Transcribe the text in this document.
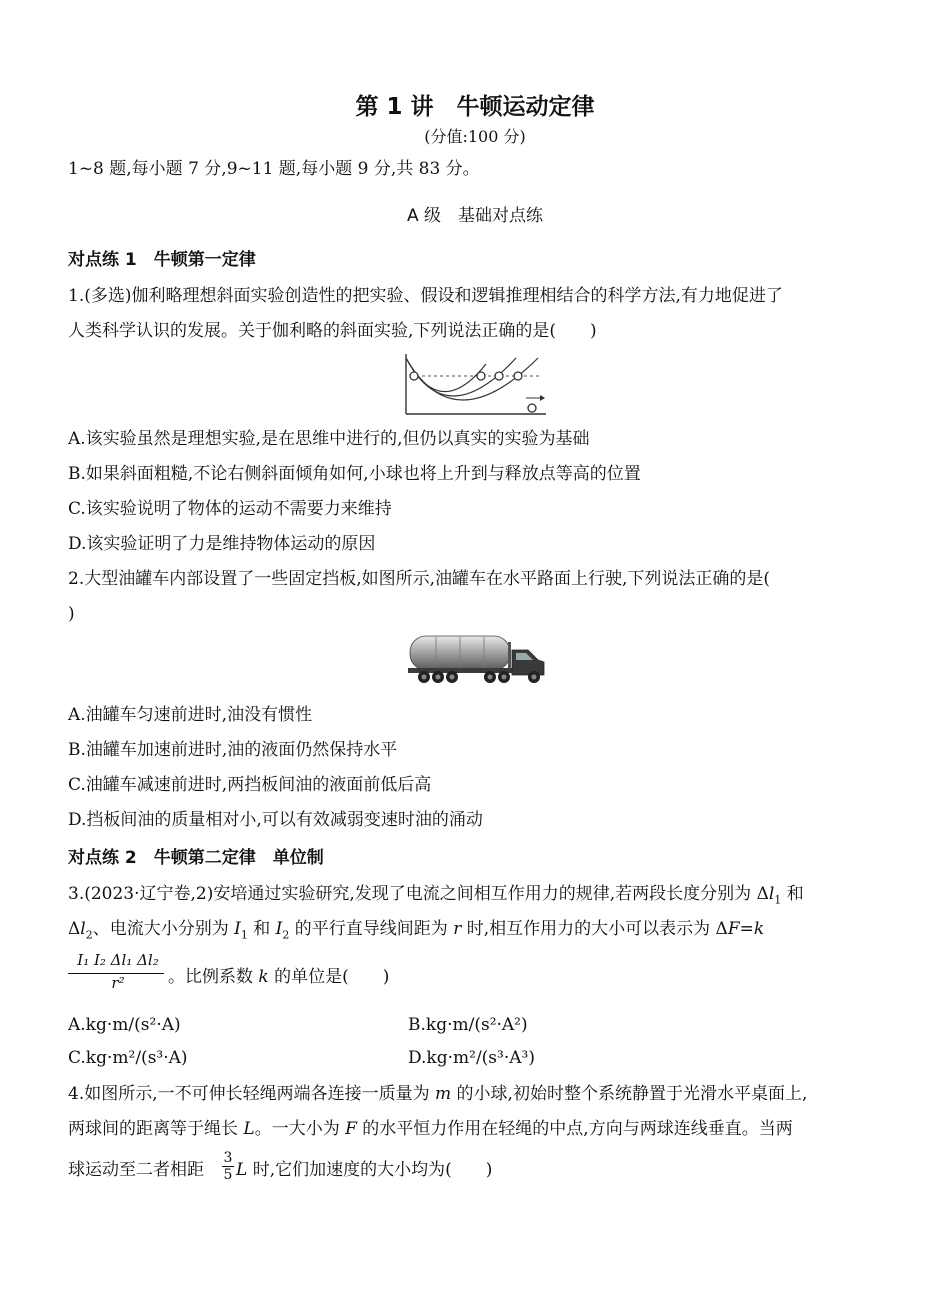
第 1 讲　牛顿运动定律
(分值:100 分)
1~8 题,每小题 7 分,9~11 题,每小题 9 分,共 83 分。
A 级　基础对点练
对点练 1　牛顿第一定律
1.(多选)伽利略理想斜面实验创造性的把实验、假设和逻辑推理相结合的科学方法,有力地促进了
人类科学认识的发展。关于伽利略的斜面实验,下列说法正确的是(　　)
A.该实验虽然是理想实验,是在思维中进行的,但仍以真实的实验为基础
B.如果斜面粗糙,不论右侧斜面倾角如何,小球也将上升到与释放点等高的位置
C.该实验说明了物体的运动不需要力来维持
D.该实验证明了力是维持物体运动的原因
2.大型油罐车内部设置了一些固定挡板,如图所示,油罐车在水平路面上行驶,下列说法正确的是(
)
A.油罐车匀速前进时,油没有惯性
B.油罐车加速前进时,油的液面仍然保持水平
C.油罐车减速前进时,两挡板间油的液面前低后高
D.挡板间油的质量相对小,可以有效减弱变速时油的涌动
对点练 2　牛顿第二定律　单位制
3.(2023·辽宁卷,2)安培通过实验研究,发现了电流之间相互作用力的规律,若两段长度分别为 $\Delta l_1$ 和
$\Delta l_2$、电流大小分别为 $I_1$ 和 $I_2$ 的平行直导线间距为 r 时,相互作用力的大小可以表示为 ΔF=k
I₁ I₂ Δl₁ Δl₂
r²	。比例系数 k 的单位是(　　)
A.kg·m/(s²·A)	B.kg·m/(s²·A²)
C.kg·m²/(s³·A)	D.kg·m²/(s³·A³)
4.如图所示,一不可伸长轻绳两端各连接一质量为 m 的小球,初始时整个系统静置于光滑水平桌面上,
两球间的距离等于绳长 L。一大小为 F 的水平恒力作用在轻绳的中点,方向与两球连线垂直。当两
球运动至二者相距
3
5 L 时,它们加速度的大小均为(　　)
